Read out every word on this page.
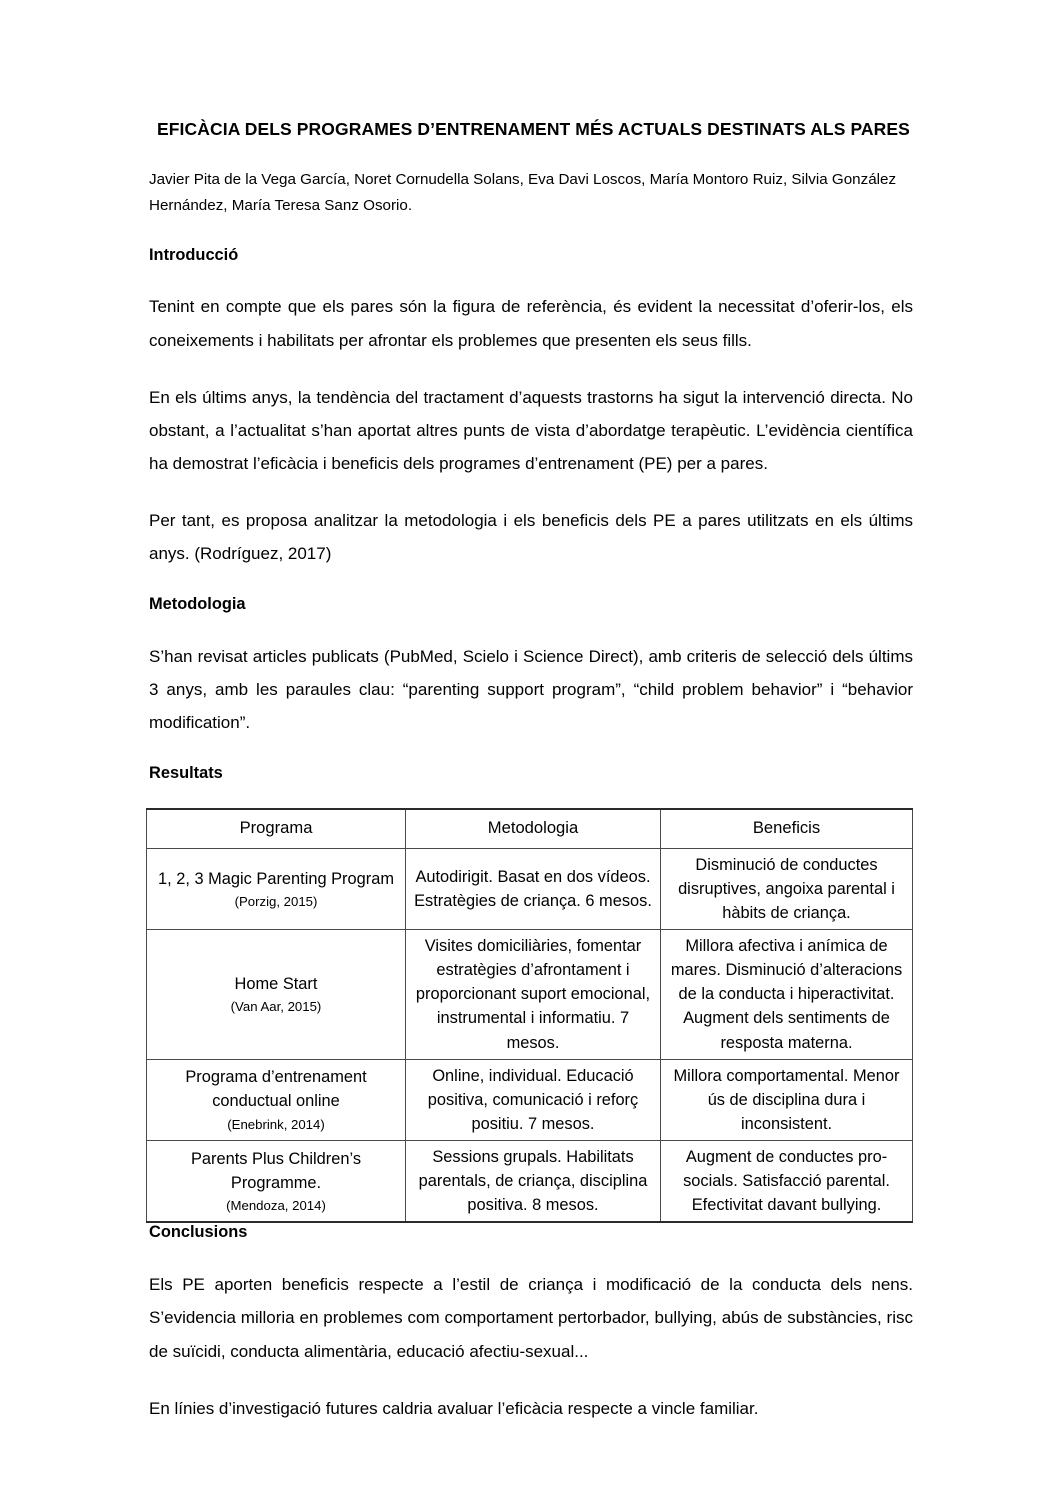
EFICÀCIA DELS PROGRAMES D’ENTRENAMENT MÉS ACTUALS DESTINATS ALS PARES
Javier Pita de la Vega García, Noret Cornudella Solans, Eva Davi Loscos, María Montoro Ruiz, Silvia González Hernández, María Teresa Sanz Osorio.
Introducció

Tenint en compte que els pares són la figura de referència, és evident la necessitat d’oferir-los, els coneixements i habilitats per afrontar els problemes que presenten els seus fills.

En els últims anys, la tendència del tractament d’aquests trastorns ha sigut la intervenció directa. No obstant, a l’actualitat s’han aportat altres punts de vista d’abordatge terapèutic. L’evidència científica ha demostrat l’eficàcia i beneficis dels programes d’entrenament (PE) per a pares.

Per tant, es proposa analitzar la metodologia i els beneficis dels PE a pares utilitzats en els últims anys. (Rodríguez, 2017)

Metodologia

S’han revisat articles publicats (PubMed, Scielo i Science Direct), amb criteris de selecció dels últims 3 anys, amb les paraules clau: “parenting support program”, “child problem behavior” i “behavior modification”.

Resultats
Programa	Metodologia	Beneficis

1, 2, 3 Magic Parenting Program
(Porzig, 2015)	Autodirigit. Basat en dos vídeos. Estratègies de criança. 6 mesos.	Disminució de conductes disruptives, angoixa parental i hàbits de criança.

Home Start
(Van Aar, 2015)	Visites domiciliàries, fomentar estratègies d’afrontament i proporcionant suport emocional, instrumental i informatiu. 7 mesos.	Millora afectiva i anímica de mares. Disminució d’alteracions de la conducta i hiperactivitat. Augment dels sentiments de resposta materna.

Programa d’entrenament conductual online
(Enebrink, 2014)	Online, individual. Educació positiva, comunicació i reforç positiu. 7 mesos.	Millora comportamental. Menor ús de disciplina dura i inconsistent.

Parents Plus Children’s Programme.
(Mendoza, 2014)	Sessions grupals. Habilitats parentals, de criança, disciplina positiva. 8 mesos.	Augment de conductes pro-socials. Satisfacció parental. Efectivitat davant bullying.
Conclusions

Els PE aporten beneficis respecte a l’estil de criança i modificació de la conducta dels nens. S’evidencia milloria en problemes com comportament pertorbador, bullying, abús de substàncies, risc de suïcidi, conducta alimentària, educació afectiu-sexual...

En línies d’investigació futures caldria avaluar l’eficàcia respecte a vincle familiar.
